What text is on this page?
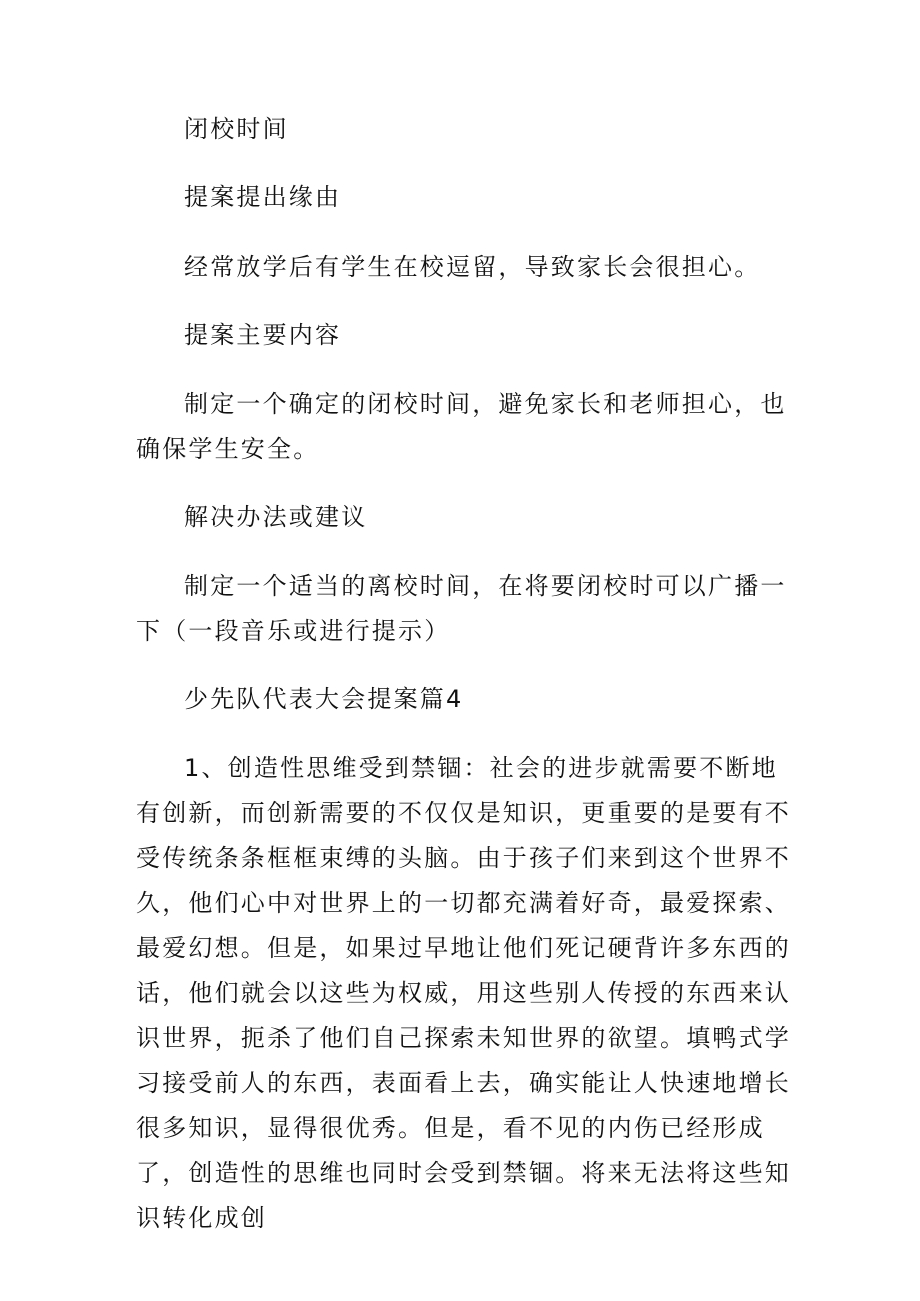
闭校时间

提案提出缘由

经常放学后有学生在校逗留，导致家长会很担心。

提案主要内容

制定一个确定的闭校时间，避免家长和老师担心，也确保学生安全。

解决办法或建议

制定一个适当的离校时间，在将要闭校时可以广播一下（一段音乐或进行提示）

少先队代表大会提案篇4

1、创造性思维受到禁锢：社会的进步就需要不断地有创新，而创新需要的不仅仅是知识，更重要的是要有不受传统条条框框束缚的头脑。由于孩子们来到这个世界不久，他们心中对世界上的一切都充满着好奇，最爱探索、最爱幻想。但是，如果过早地让他们死记硬背许多东西的话，他们就会以这些为权威，用这些别人传授的东西来认识世界，扼杀了他们自己探索未知世界的欲望。填鸭式学习接受前人的东西，表面看上去，确实能让人快速地增长很多知识，显得很优秀。但是，看不见的内伤已经形成了，创造性的思维也同时会受到禁锢。将来无法将这些知识转化成创
